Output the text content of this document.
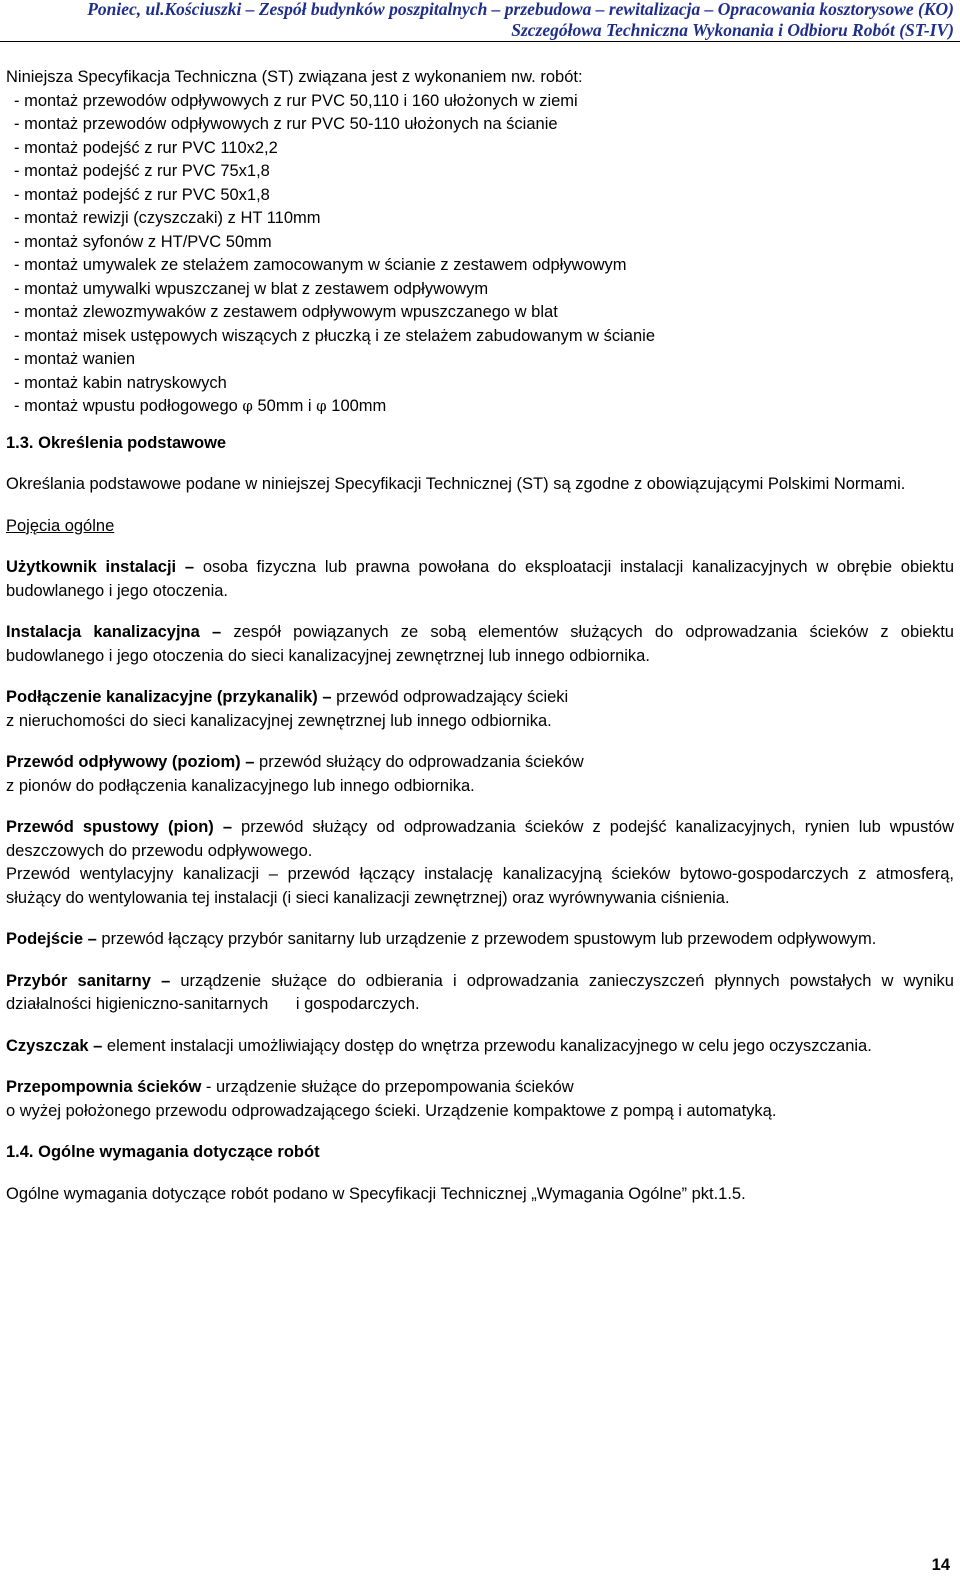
Poniec, ul.Kościuszki – Zespół budynków poszpitalnych – przebudowa – rewitalizacja – Opracowania kosztorysowe (KO)
Szczegółowa Techniczna Wykonania i Odbioru Robót (ST-IV)

Niniejsza Specyfikacja Techniczna (ST) związana jest z wykonaniem nw. robót:

- montaż przewodów odpływowych z rur PVC 50,110 i 160 ułożonych w ziemi
- montaż przewodów odpływowych z rur PVC 50-110 ułożonych na ścianie
- montaż podejść z rur PVC 110x2,2
- montaż podejść z rur PVC 75x1,8
- montaż podejść z rur PVC 50x1,8
- montaż rewizji (czyszczaki) z HT 110mm
- montaż syfonów z HT/PVC 50mm
- montaż umywalek ze stelażem zamocowanym w ścianie z zestawem odpływowym
- montaż umywalki wpuszczanej w blat z zestawem odpływowym
- montaż zlewozmywaków z zestawem odpływowym wpuszczanego w blat
- montaż misek ustępowych wiszących z płuczką i ze stelażem zabudowanym w ścianie
- montaż wanien
- montaż kabin natryskowych
- montaż wpustu podłogowego φ 50mm i φ 100mm

1.3. Określenia podstawowe

Określania podstawowe podane w niniejszej Specyfikacji Technicznej (ST) są zgodne z obowiązującymi Polskimi Normami.

Pojęcia ogólne

Użytkownik instalacji – osoba fizyczna lub prawna powołana do eksploatacji instalacji kanalizacyjnych w obrębie obiektu budowlanego i jego otoczenia.

Instalacja kanalizacyjna – zespół powiązanych ze sobą elementów służących do odprowadzania ścieków z obiektu budowlanego i jego otoczenia do sieci kanalizacyjnej zewnętrznej lub innego odbiornika.

Podłączenie kanalizacyjne (przykanalik) – przewód odprowadzający ścieki
z nieruchomości do sieci kanalizacyjnej zewnętrznej lub innego odbiornika.

Przewód odpływowy (poziom) – przewód służący do odprowadzania ścieków
z pionów do podłączenia kanalizacyjnego lub innego odbiornika.

Przewód spustowy (pion) – przewód służący od odprowadzania ścieków z podejść kanalizacyjnych, rynien lub wpustów deszczowych do przewodu odpływowego.

Przewód wentylacyjny kanalizacji – przewód łączący instalację kanalizacyjną ścieków bytowo-gospodarczych z atmosferą, służący do wentylowania tej instalacji (i sieci kanalizacji zewnętrznej) oraz wyrównywania ciśnienia.

Podejście – przewód łączący przybór sanitarny lub urządzenie z przewodem spustowym lub przewodem odpływowym.

Przybór sanitarny – urządzenie służące do odbierania i odprowadzania zanieczyszczeń płynnych powstałych w wyniku działalności higieniczno-sanitarnych      i gospodarczych.

Czyszczak – element instalacji umożliwiający dostęp do wnętrza przewodu kanalizacyjnego w celu jego oczyszczania.

Przepompownia ścieków - urządzenie służące do przepompowania ścieków

o wyżej położonego przewodu odprowadzającego ścieki. Urządzenie kompaktowe z pompą i automatyką.

1.4. Ogólne wymagania dotyczące robót

Ogólne wymagania dotyczące robót podano w Specyfikacji Technicznej „Wymagania Ogólne” pkt.1.5.

14
